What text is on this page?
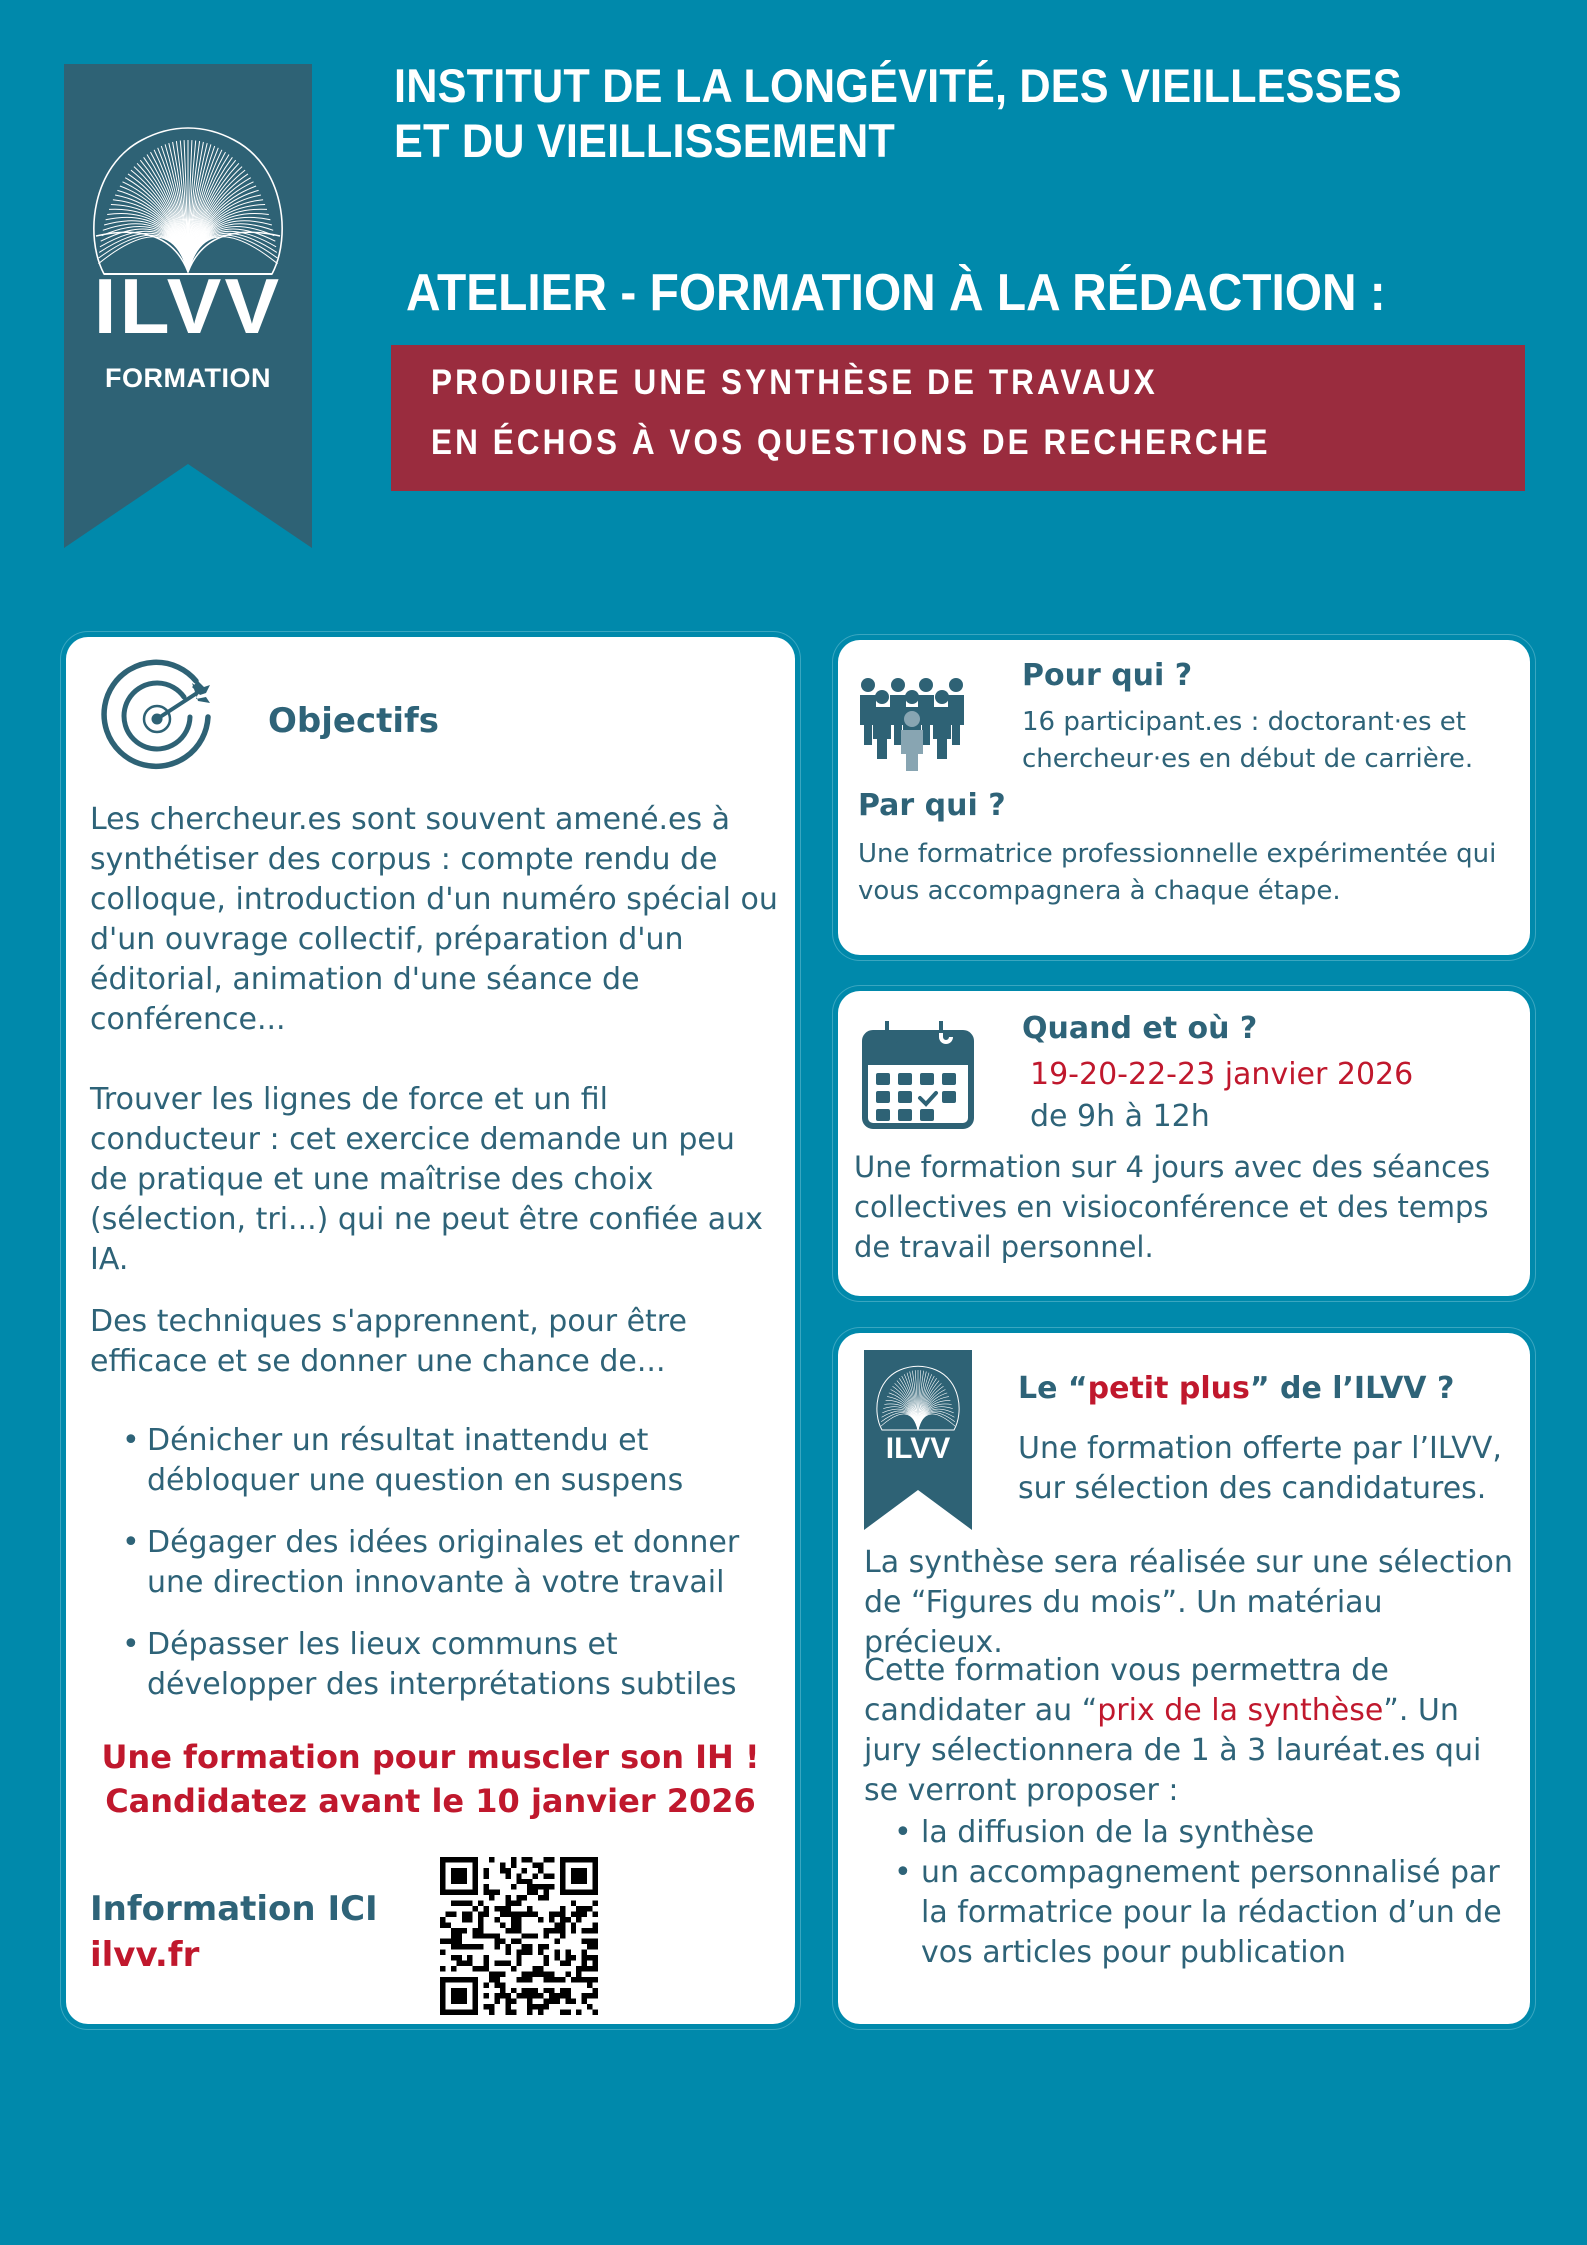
ILVV
FORMATION
INSTITUT DE LA LONGÉVITÉ, DES VIEILLESSES
ET DU VIEILLISSEMENT
ATELIER - FORMATION À LA RÉDACTION :
PRODUIRE UNE SYNTHÈSE DE TRAVAUX
EN ÉCHOS À VOS QUESTIONS DE RECHERCHE
Objectifs
Les chercheur.es sont souvent amené.es à synthétiser des corpus : compte rendu de colloque, introduction d'un numéro spécial ou d'un ouvrage collectif, préparation d'un éditorial, animation d'une séance de conférence...
Trouver les lignes de force et un fil conducteur : cet exercice demande un peu de pratique et une maîtrise des choix (sélection, tri...) qui ne peut être confiée aux IA.
Des techniques s'apprennent, pour être efficace et se donner une chance de...
• Dénicher un résultat inattendu et débloquer une question en suspens
• Dégager des idées originales et donner une direction innovante à votre travail
• Dépasser les lieux communs et développer des interprétations subtiles
Une formation pour muscler son IH !
Candidatez avant le 10 janvier 2026
Information ICI
ilvv.fr
Pour qui ?
16 participant.es : doctorant·es et chercheur·es en début de carrière.
Par qui ?
Une formatrice professionnelle expérimentée qui vous accompagnera à chaque étape.
Quand et où ?
19-20-22-23 janvier 2026
de 9h à 12h
Une formation sur 4 jours avec des séances collectives en visioconférence et des temps de travail personnel.
ILVV
Le “petit plus” de l’ILVV ?
Une formation offerte par l’ILVV, sur sélection des candidatures.
La synthèse sera réalisée sur une sélection de “Figures du mois”. Un matériau précieux.
Cette formation vous permettra de candidater au “prix de la synthèse”. Un jury sélectionnera de 1 à 3 lauréat.es qui se verront proposer :
• la diffusion de la synthèse
• un accompagnement personnalisé par la formatrice pour la rédaction d’un de vos articles pour publication
